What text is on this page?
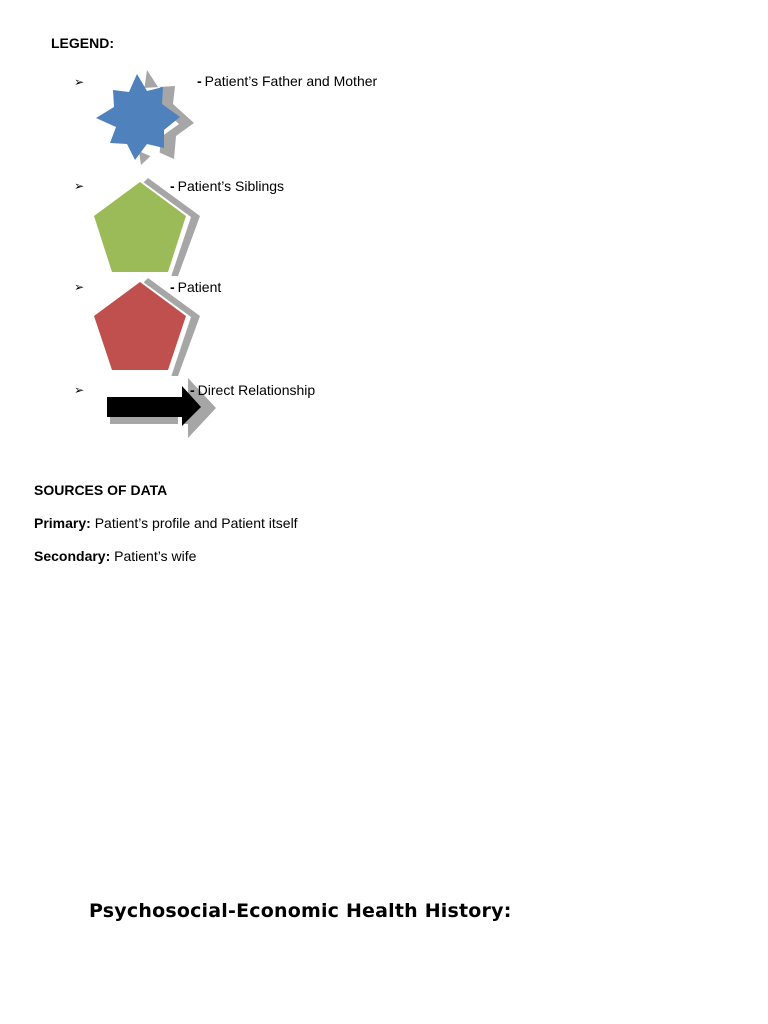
LEGEND:
➢	- Patient’s Father and Mother
➢	- Patient’s Siblings
➢	- Patient
➢	- Direct Relationship
SOURCES OF DATA
Primary: Patient’s profile and Patient itself
Secondary: Patient’s wife
Psychosocial-Economic Health History:
